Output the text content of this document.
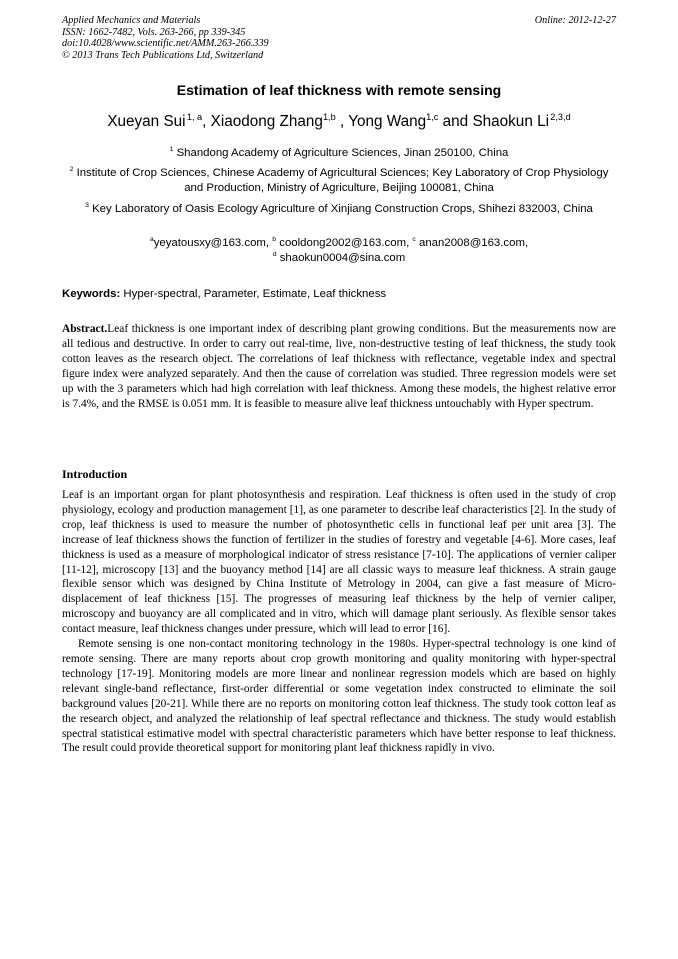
Applied Mechanics and Materials
ISSN: 1662-7482, Vols. 263-266, pp 339-345
doi:10.4028/www.scientific.net/AMM.263-266.339
© 2013 Trans Tech Publications Ltd, Switzerland
Online: 2012-12-27
Estimation of leaf thickness with remote sensing
Xueyan Sui $^{1, a}$, Xiaodong Zhang$^{1,b}$ , Yong Wang$^{1,c}$ and Shaokun Li $^{2,3,d}$
$^1$ Shandong Academy of Agriculture Sciences, Jinan 250100, China
$^2$ Institute of Crop Sciences, Chinese Academy of Agricultural Sciences; Key Laboratory of Crop Physiology and Production, Ministry of Agriculture, Beijing 100081, China
$^3$ Key Laboratory of Oasis Ecology Agriculture of Xinjiang Construction Crops, Shihezi 832003, China
$^a$yeyatousxy@163.com, $^b$ cooldong2002@163.com, $^c$ anan2008@163.com,
$^d$ shaokun0004@sina.com
Keywords: Hyper-spectral, Parameter, Estimate, Leaf thickness
Abstract.Leaf thickness is one important index of describing plant growing conditions. But the measurements now are all tedious and destructive. In order to carry out real-time, live, non-destructive testing of leaf thickness, the study took cotton leaves as the research object. The correlations of leaf thickness with reflectance, vegetable index and spectral figure index were analyzed separately. And then the cause of correlation was studied. Three regression models were set up with the 3 parameters which had high correlation with leaf thickness. Among these models, the highest relative error is 7.4%, and the RMSE is 0.051 mm. It is feasible to measure alive leaf thickness untouchably with Hyper spectrum.
Introduction

Leaf is an important organ for plant photosynthesis and respiration. Leaf thickness is often used in the study of crop physiology, ecology and production management [1], as one parameter to describe leaf characteristics [2]. In the study of crop, leaf thickness is used to measure the number of photosynthetic cells in functional leaf per unit area [3]. The increase of leaf thickness shows the function of fertilizer in the studies of forestry and vegetable [4-6]. More cases, leaf thickness is used as a measure of morphological indicator of stress resistance [7-10]. The applications of vernier caliper [11-12], microscopy [13] and the buoyancy method [14] are all classic ways to measure leaf thickness. A strain gauge flexible sensor which was designed by China Institute of Metrology in 2004, can give a fast measure of Micro-displacement of leaf thickness [15]. The progresses of measuring leaf thickness by the help of vernier caliper, microscopy and buoyancy are all complicated and in vitro, which will damage plant seriously. As flexible sensor takes contact measure, leaf thickness changes under pressure, which will lead to error [16].

Remote sensing is one non-contact monitoring technology in the 1980s. Hyper-spectral technology is one kind of remote sensing. There are many reports about crop growth monitoring and quality monitoring with hyper-spectral technology [17-19]. Monitoring models are more linear and nonlinear regression models which are based on highly relevant single-band reflectance, first-order differential or some vegetation index constructed to eliminate the soil background values [20-21]. While there are no reports on monitoring cotton leaf thickness. The study took cotton leaf as the research object, and analyzed the relationship of leaf spectral reflectance and thickness. The study would establish spectral statistical estimative model with spectral characteristic parameters which have better response to leaf thickness. The result could provide theoretical support for monitoring plant leaf thickness rapidly in vivo.
